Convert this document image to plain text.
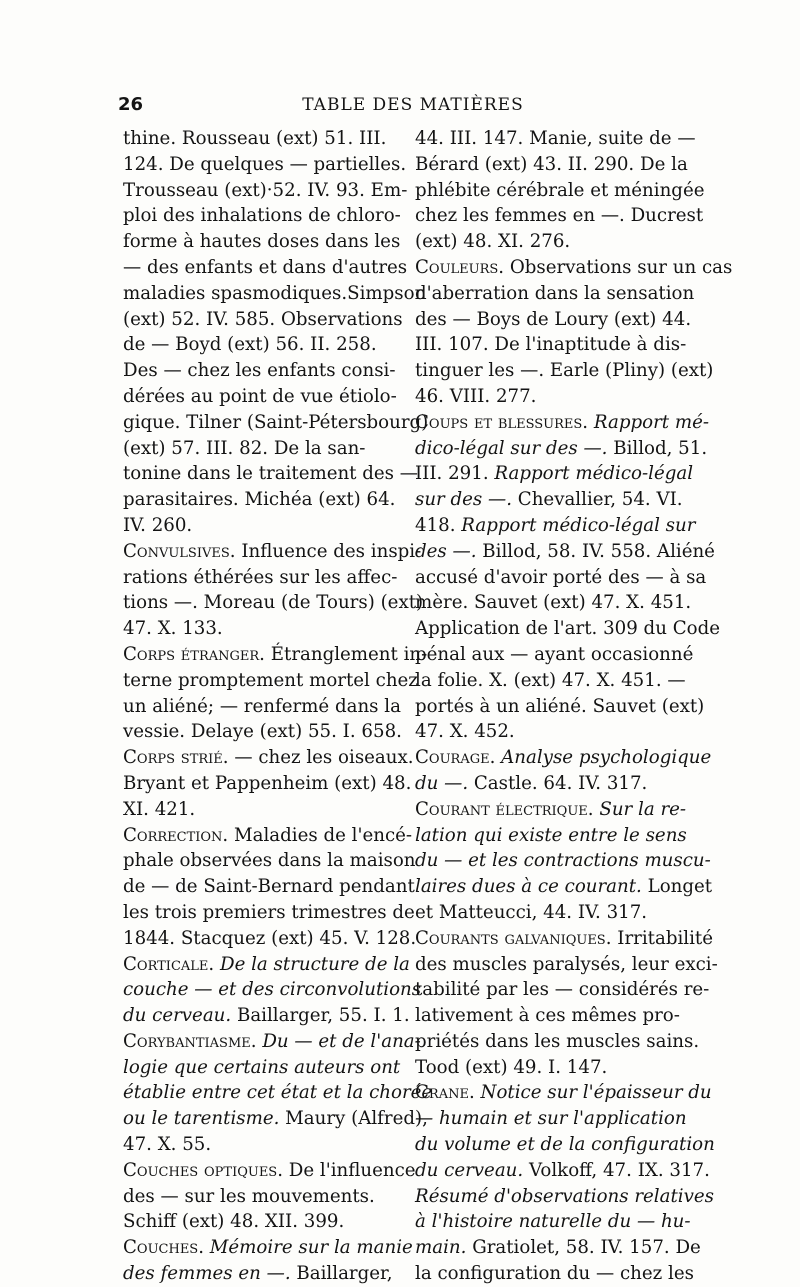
26	TABLE DES MATIÈRES
thine. Rousseau (ext) 51. III.
124. De quelques — partielles.
Trousseau (ext)·52. IV. 93. Em-
ploi des inhalations de chloro-
forme à hautes doses dans les
— des enfants et dans d'autres
maladies spasmodiques.Simpson
(ext) 52. IV. 585. Observations
de — Boyd (ext) 56. II. 258.
Des — chez les enfants consi-
dérées au point de vue étiolo-
gique. Tilner (Saint-Pétersbourg)
(ext) 57. III. 82. De la san-
tonine dans le traitement des —
parasitaires. Michéa (ext) 64.
IV. 260.
Convulsives. Influence des inspi-
rations éthérées sur les affec-
tions —. Moreau (de Tours) (ext)
47. X. 133.
Corps étranger. Étranglement in-
terne promptement mortel chez
un aliéné; — renfermé dans la
vessie. Delaye (ext) 55. I. 658.
Corps strié. — chez les oiseaux.
Bryant et Pappenheim (ext) 48.
XI. 421.
Correction. Maladies de l'encé-
phale observées dans la maison
de — de Saint-Bernard pendant
les trois premiers trimestres de
1844. Stacquez (ext) 45. V. 128.
Corticale. De la structure de la
couche — et des circonvolutions
du cerveau. Baillarger, 55. I. 1.
Corybantiasme. Du — et de l'ana-
logie que certains auteurs ont
établie entre cet état et la chorée
ou le tarentisme. Maury (Alfred),
47. X. 55.
Couches optiques. De l'influence
des — sur les mouvements.
Schiff (ext) 48. XII. 399.
Couches. Mémoire sur la manie
des femmes en —. Baillarger,
44. III. 147. Manie, suite de —
Bérard (ext) 43. II. 290. De la
phlébite cérébrale et méningée
chez les femmes en —. Ducrest
(ext) 48. XI. 276.
Couleurs. Observations sur un cas
d'aberration dans la sensation
des — Boys de Loury (ext) 44.
III. 107. De l'inaptitude à dis-
tinguer les —. Earle (Pliny) (ext)
46. VIII. 277.
Coups et blessures. Rapport mé-
dico-légal sur des —. Billod, 51.
III. 291. Rapport médico-légal
sur des —. Chevallier, 54. VI.
418. Rapport médico-légal sur
des —. Billod, 58. IV. 558. Aliéné
accusé d'avoir porté des — à sa
mère. Sauvet (ext) 47. X. 451.
Application de l'art. 309 du Code
pénal aux — ayant occasionné
la folie. X. (ext) 47. X. 451. —
portés à un aliéné. Sauvet (ext)
47. X. 452.
Courage. Analyse psychologique
du —. Castle. 64. IV. 317.
Courant électrique. Sur la re-
lation qui existe entre le sens
du — et les contractions muscu-
laires dues à ce courant. Longet
et Matteucci, 44. IV. 317.
Courants galvaniques. Irritabilité
des muscles paralysés, leur exci-
tabilité par les — considérés re-
lativement à ces mêmes pro-
priétés dans les muscles sains.
Tood (ext) 49. I. 147.
Crane. Notice sur l'épaisseur du
— humain et sur l'application
du volume et de la configuration
du cerveau. Volkoff, 47. IX. 317.
Résumé d'observations relatives
à l'histoire naturelle du — hu-
main. Gratiolet, 58. IV. 157. De
la configuration du — chez les
